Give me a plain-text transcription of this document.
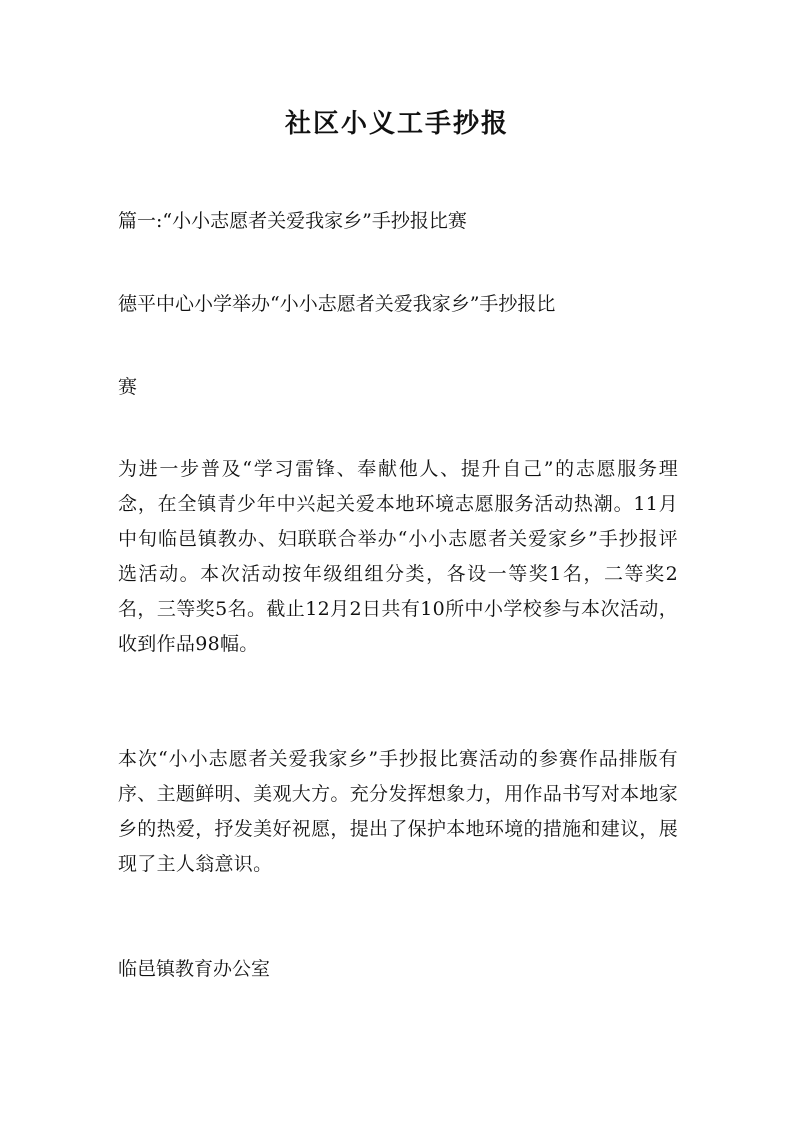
社区小义工手抄报

篇一:“小小志愿者关爱我家乡”手抄报比赛

德平中心小学举办“小小志愿者关爱我家乡”手抄报比

赛

为进一步普及“学习雷锋、奉献他人、提升自己”的志愿服务理念，在全镇青少年中兴起关爱本地环境志愿服务活动热潮。11月中旬临邑镇教办、妇联联合举办“小小志愿者关爱家乡”手抄报评选活动。本次活动按年级组组分类，各设一等奖1名，二等奖2名，三等奖5名。截止12月2日共有10所中小学校参与本次活动，收到作品98幅。

本次“小小志愿者关爱我家乡”手抄报比赛活动的参赛作品排版有序、主题鲜明、美观大方。充分发挥想象力，用作品书写对本地家乡的热爱，抒发美好祝愿，提出了保护本地环境的措施和建议，展现了主人翁意识。

临邑镇教育办公室
